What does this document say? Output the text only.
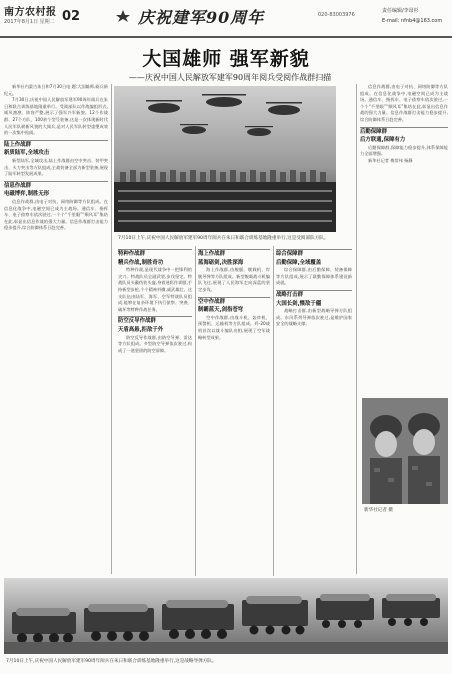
南方农村报
2017年8月1日 星期二 02	庆祝建军90周年	020-83003976
责任编辑/李昂杉
E-mail: nfnb4@163.com
大国雄师 强军新貌
——庆祝中国人民解放军建军90周年阅兵受阅作战群扫描
7月10日上午,庆祝中国人民解放军建军90周年阅兵在朱日和联合训练基地隆重举行,这是受阅部队方队。
新华社内蒙古朱日和7月30日电 题:大国雄师,砺兵新纪元。
7月30日,庆祝中国人民解放军建军90周年阅兵在朱日和联合训练基地隆重举行。受阅部队以作战编组形式,威风凛凛、阵容严整,展示了强军兴军新貌。12个作战群、27个方队、100余个型号装备,这是一次体现新时代人民军队崭新风貌的大阅兵,是对人民军队转型重塑成效的一次集中检阅。
陆上作战群
新质陆军,全域攻击
新型陆军,全域攻击,陆上作战群由空中突击、装甲突击、火力突击等方队组成,主战装备全部为新型装备,展现了陆军转型发展成果。
信息作战群
电磁博弈,制胜无形
信息作战群,由电子对抗、网络防御等方队组成。在信息化战争中,电磁空间已成为主战场。通信车、指挥车、电子侦察车依次驶过,一个个“千里眼”“顺风耳”集结在此,彰显出信息作战的强大力量。信息作战群打击能力稳步提升,综合防御体系日趋完善。
特种作战群
精兵作战,制胜奇功
特种作战,是现代战争中一把锋利的尖刀。特战队员全副武装,步伐坚定。特战队员头戴伪装头盔,身着迷彩作训服,手持新型步枪,个个精神抖擞,威武雄壮。这支队伍由陆军、海军、空军特战队员组成,能够在复杂环境下执行侦察、突袭、破坏等特种作战任务。
防空反导作战群
天盾高悬,拒敌于外
防空反导作战群,由防空导弹、雷达等方队组成。多型防空导弹依次驶过,构成了一道坚固的防空屏障。
海上作战群
蓝海砺剑,决胜深海
海上作战群,由舰艇、舰载机、岸舰导弹等方队组成。新型舰载战斗机编队飞过,展现了人民海军走向深蓝的坚定步伐。
空中作战群
制霸蓝天,剑指苍穹
空中作战群,由战斗机、轰炸机、预警机、运输机等方队组成。歼-20战机首次以战斗编队亮相,展现了空军战略转型成果。
综合保障群
后勤保障,全域覆盖
综合保障群,由后勤保障、装备保障等方队组成,展示了联勤保障体系建设新成就。
战略打击群
大国长剑,慑敌于疆
战略打击群,由新型战略导弹方队组成。东风系列导弹依次驶过,是维护国家安全的战略支撑。
信息作战群,由电子对抗、网络防御等方队组成。在信息化战争中,电磁空间已成为主战场。通信车、指挥车、电子侦察车依次驶过,一个个“千里眼”“顺风耳”集结在此,彰显出信息作战的强大力量。信息作战群打击能力稳步提升,综合防御体系日趋完善。
后勤保障群
后方联通,保障有力
后勤保障群,保障能力稳步提升,体系保障能力全面增强。
新华社记者 梅常伟 杨静
新华社记者 摄
7月10日上午,庆祝中国人民解放军建军90周年阅兵在朱日和联合训练基地隆重举行,这是战略导弹方队。
